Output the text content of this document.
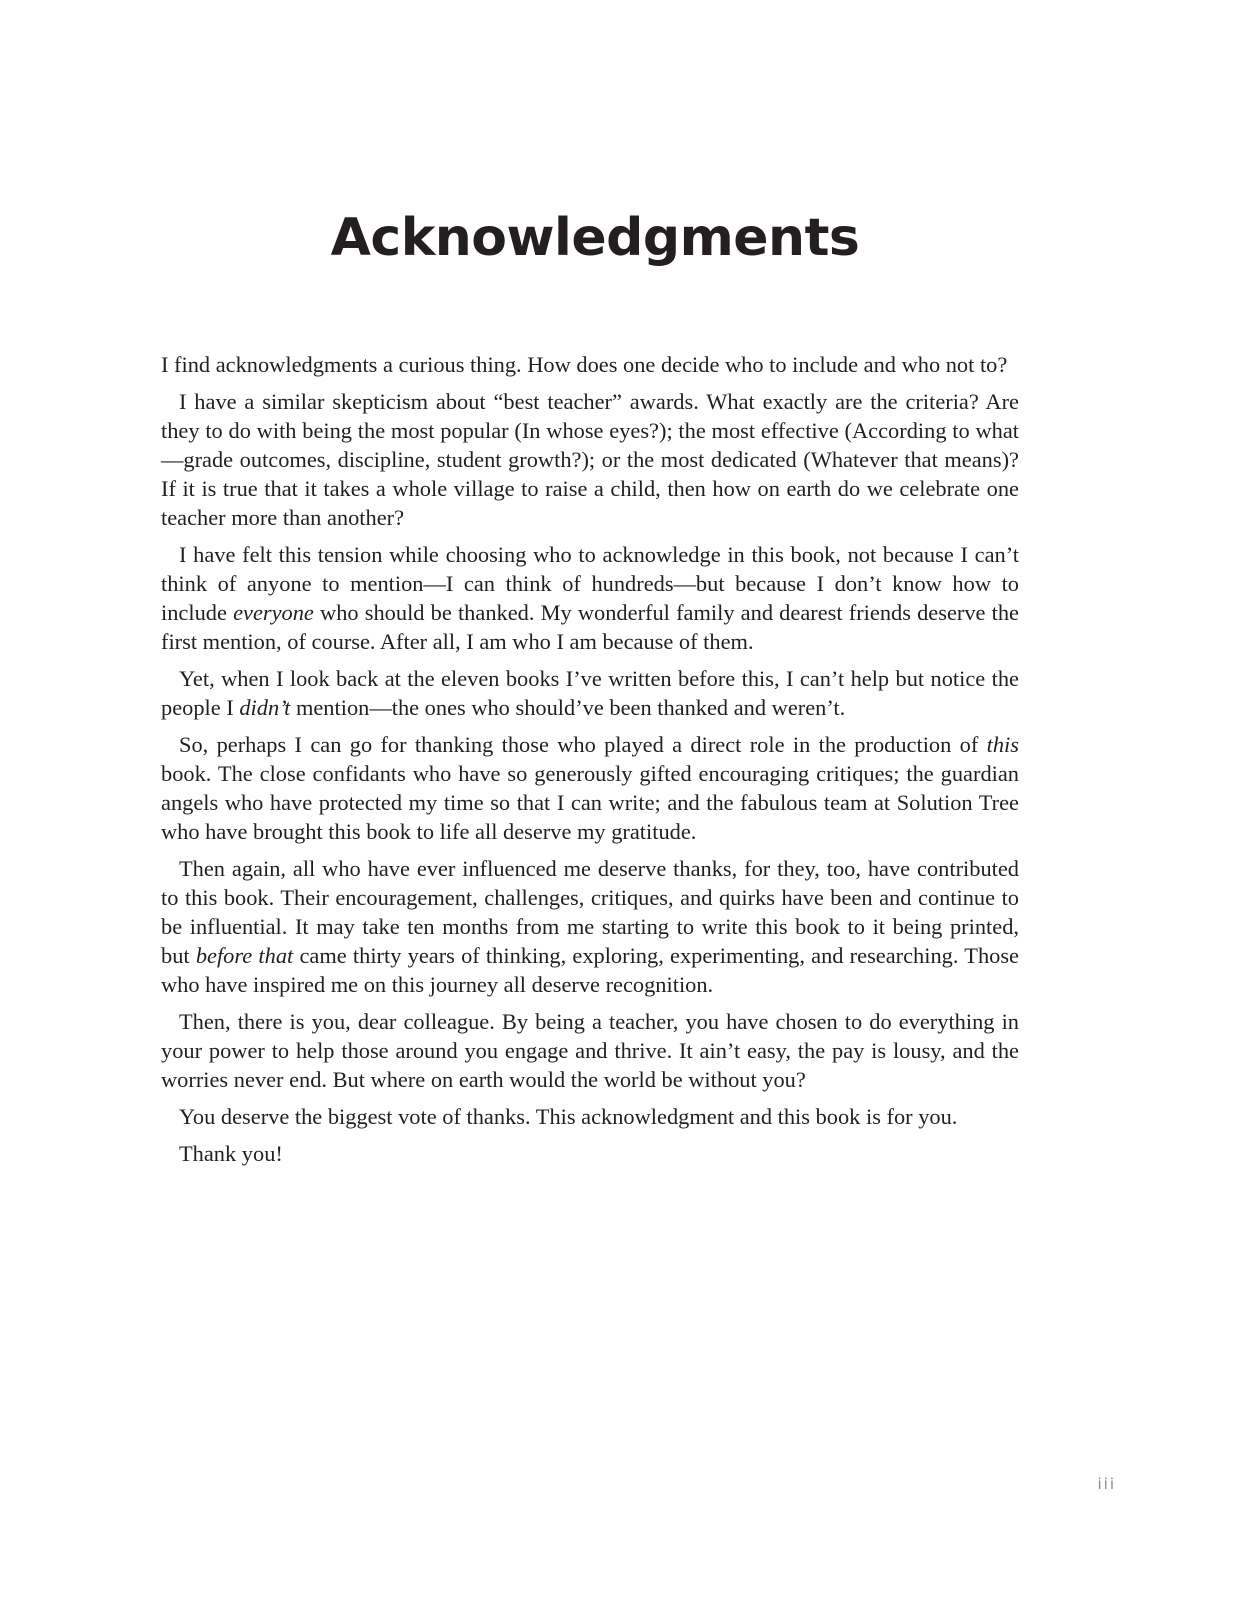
Acknowledgments

I find acknowledgments a curious thing. How does one decide who to include and who not to?

I have a similar skepticism about “best teacher” awards. What exactly are the criteria? Are they to do with being the most popular (In whose eyes?); the most effective (According to what—grade outcomes, discipline, student growth?); or the most dedicated (Whatever that means)? If it is true that it takes a whole village to raise a child, then how on earth do we celebrate one teacher more than another?

I have felt this tension while choosing who to acknowledge in this book, not because I can’t think of anyone to mention—I can think of hundreds—but because I don’t know how to include everyone who should be thanked. My wonderful family and dearest friends deserve the first mention, of course. After all, I am who I am because of them.

Yet, when I look back at the eleven books I’ve written before this, I can’t help but notice the people I didn’t mention—the ones who should’ve been thanked and weren’t.

So, perhaps I can go for thanking those who played a direct role in the production of this book. The close confidants who have so generously gifted encouraging critiques; the guardian angels who have protected my time so that I can write; and the fabulous team at Solution Tree who have brought this book to life all deserve my gratitude.

Then again, all who have ever influenced me deserve thanks, for they, too, have contributed to this book. Their encouragement, challenges, critiques, and quirks have been and continue to be influential. It may take ten months from me starting to write this book to it being printed, but before that came thirty years of thinking, exploring, experimenting, and researching. Those who have inspired me on this journey all deserve recognition.

Then, there is you, dear colleague. By being a teacher, you have chosen to do everything in your power to help those around you engage and thrive. It ain’t easy, the pay is lousy, and the worries never end. But where on earth would the world be without you?

You deserve the biggest vote of thanks. This acknowledgment and this book is for you.

Thank you!

iii
